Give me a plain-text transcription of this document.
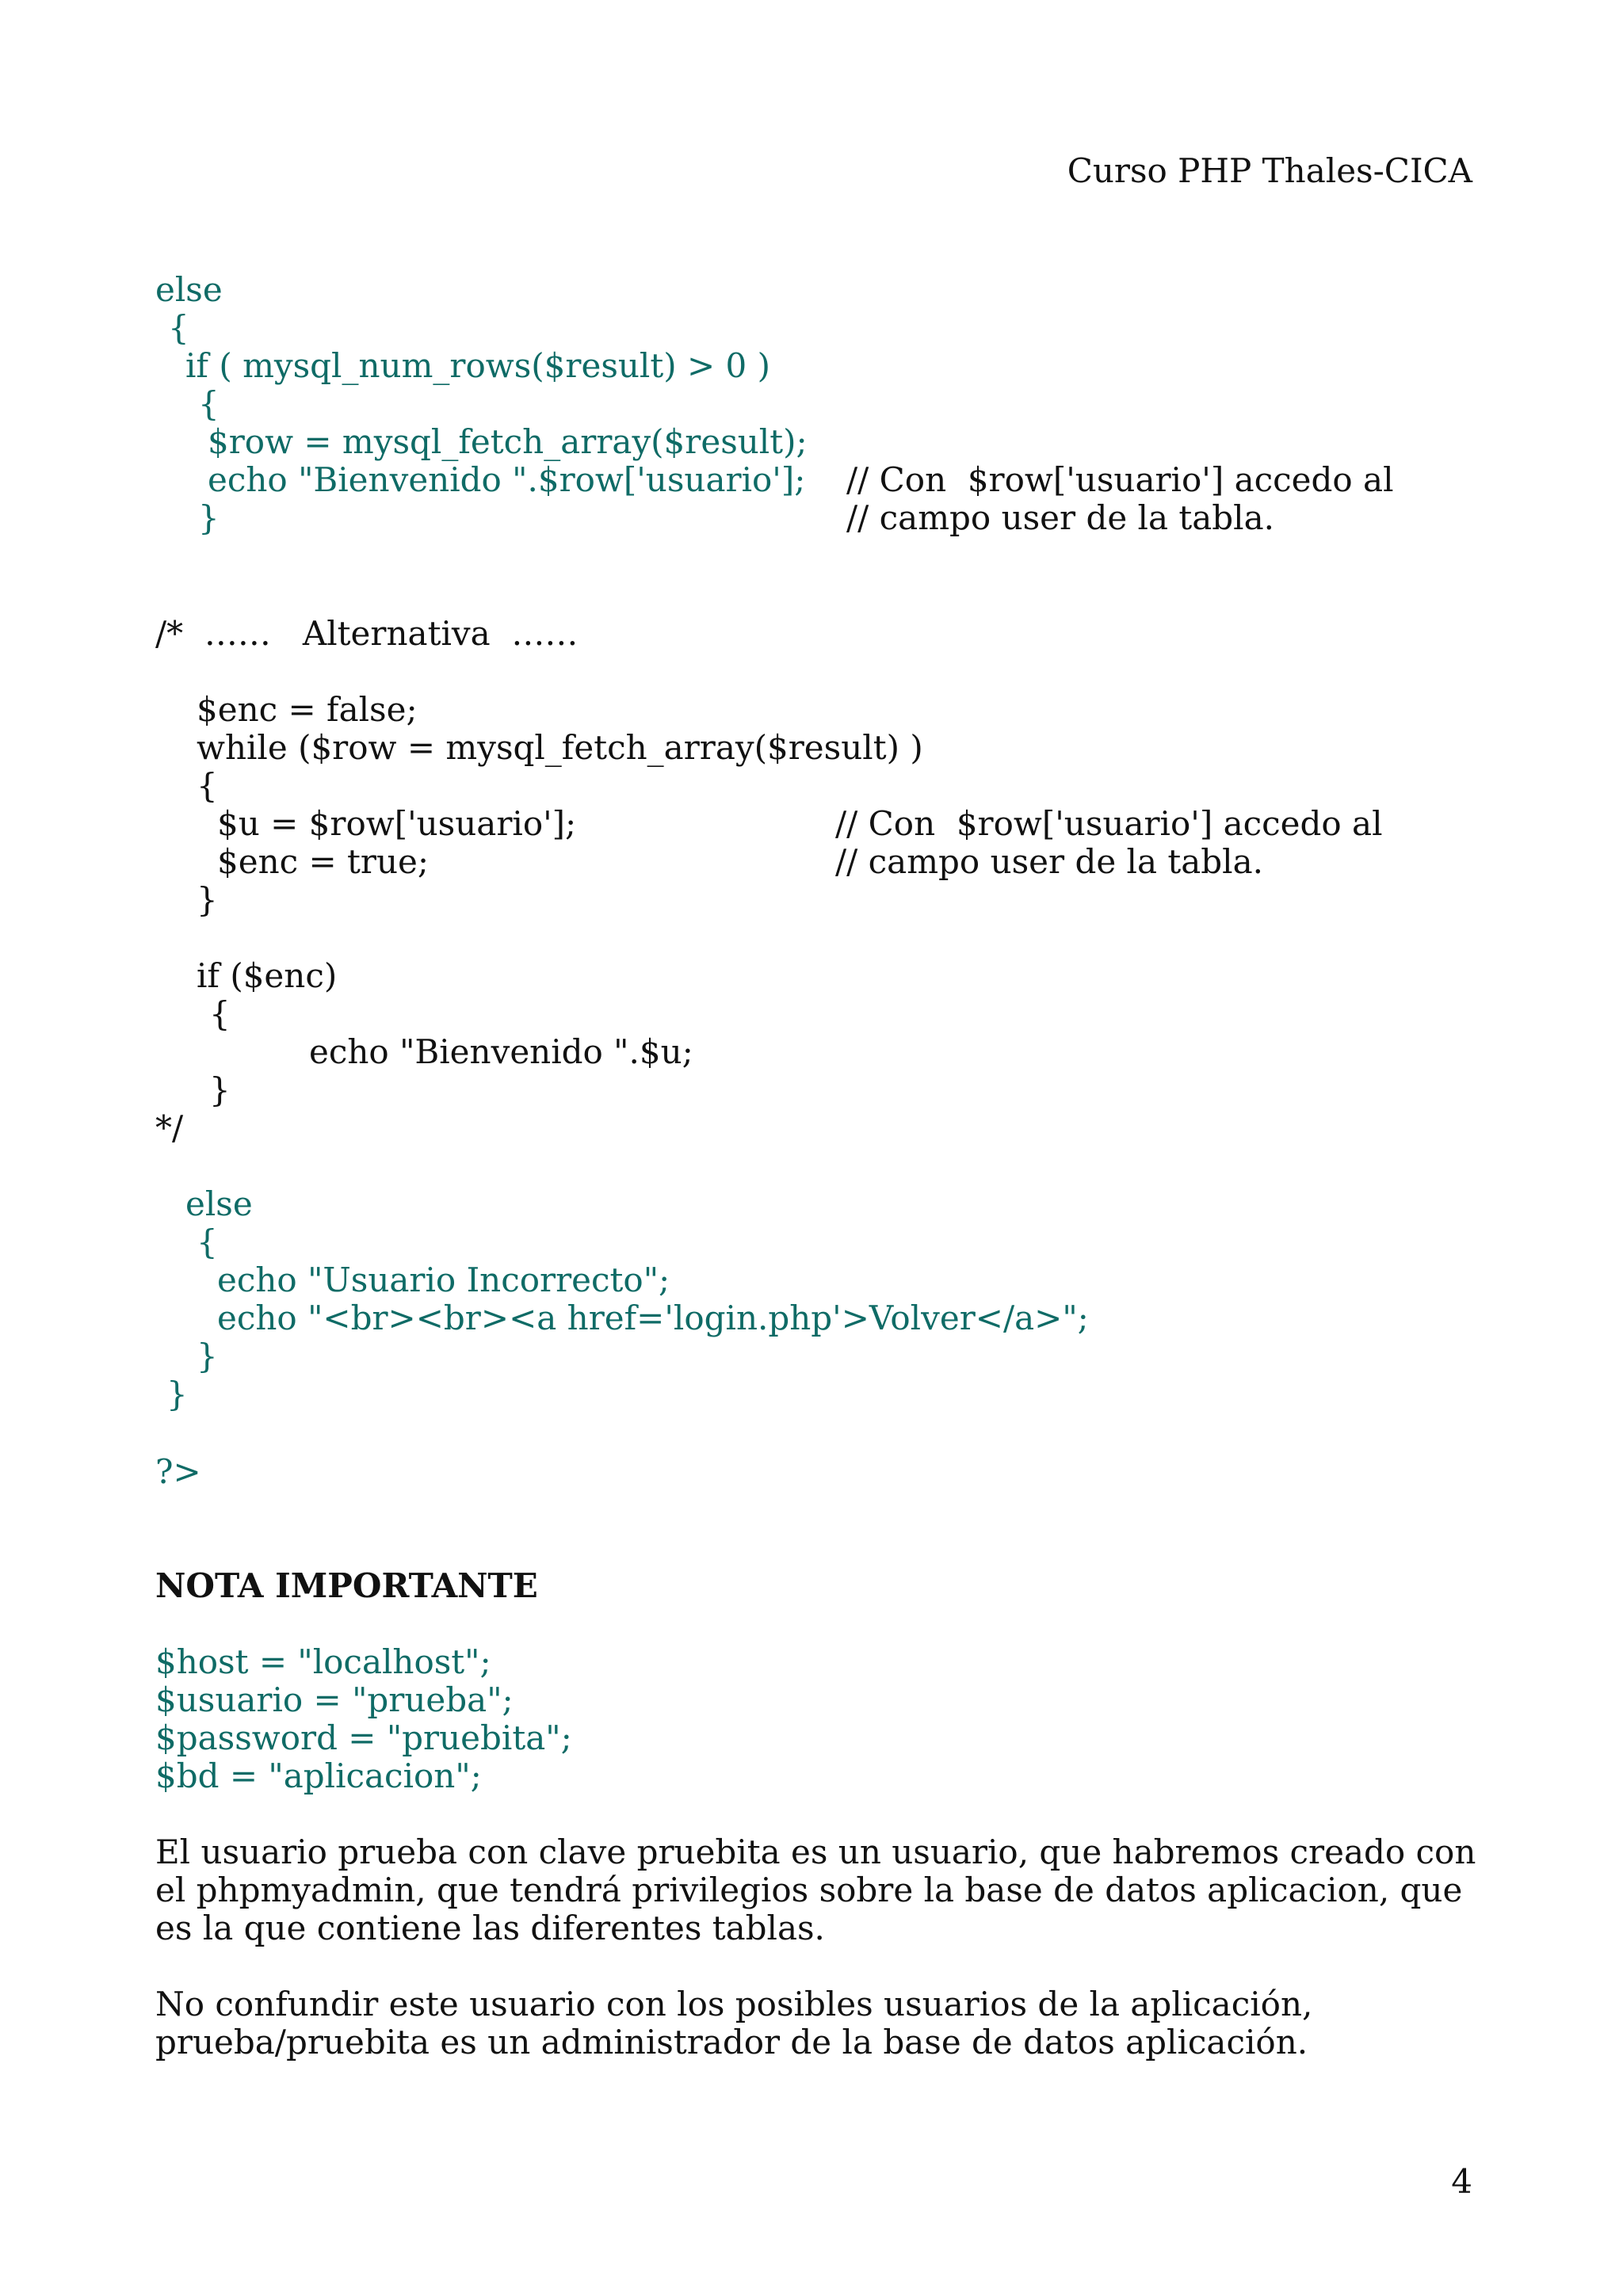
Curso PHP Thales-CICA
else
{
if ( mysql_num_rows($result) > 0 )
{
$row = mysql_fetch_array($result);
echo "Bienvenido ".$row['usuario']; // Con  $row['usuario'] accedo al
}	// campo user de la tabla.
/*  ……   Alternativa  ……
$enc = false;
while ($row = mysql_fetch_array($result) )
{
$u = $row['usuario'];	// Con  $row['usuario'] accedo al
$enc = true;	// campo user de la tabla.
}
if ($enc)
{
echo "Bienvenido ".$u;
}
*/
else
{
echo "Usuario Incorrecto";
echo "<br><br><a href='login.php'>Volver</a>";
}
}
?>
NOTA IMPORTANTE
$host = "localhost";
$usuario = "prueba";
$password = "pruebita";
$bd = "aplicacion";
El usuario prueba con clave pruebita es un usuario, que habremos creado con el phpmyadmin, que tendrá privilegios sobre la base de datos aplicacion, que es la que contiene las diferentes tablas.
No confundir este usuario con los posibles usuarios de la aplicación, prueba/pruebita es un administrador de la base de datos aplicación.
4
